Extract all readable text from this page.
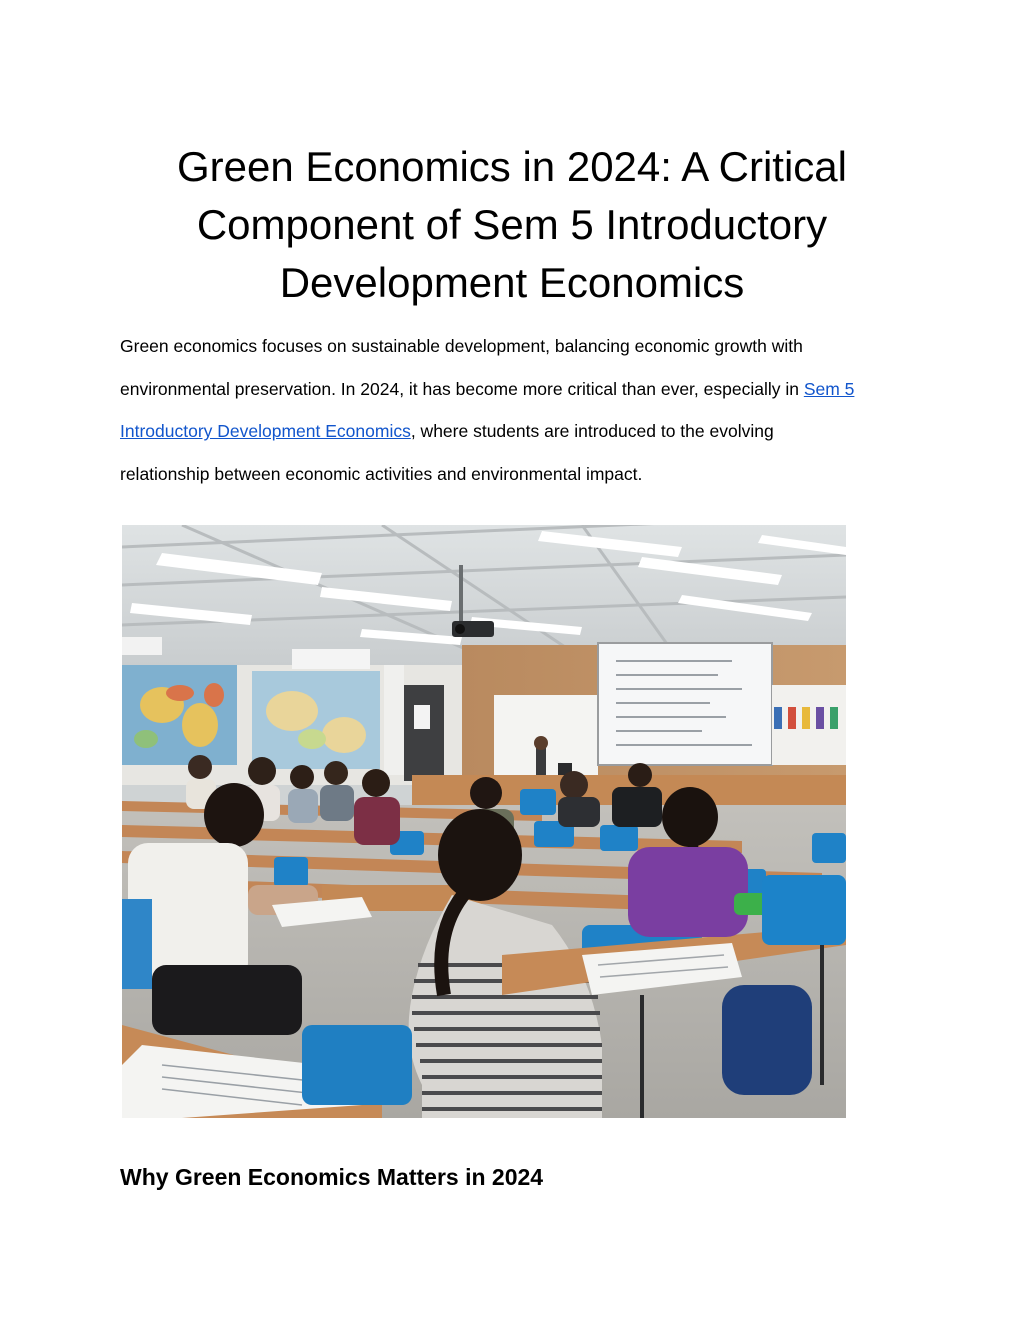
Green Economics in 2024: A Critical
Component of Sem 5 Introductory
Development Economics

Green economics focuses on sustainable development, balancing economic growth with
environmental preservation. In 2024, it has become more critical than ever, especially in Sem 5
Introductory Development Economics, where students are introduced to the evolving
relationship between economic activities and environmental impact.

Why Green Economics Matters in 2024
